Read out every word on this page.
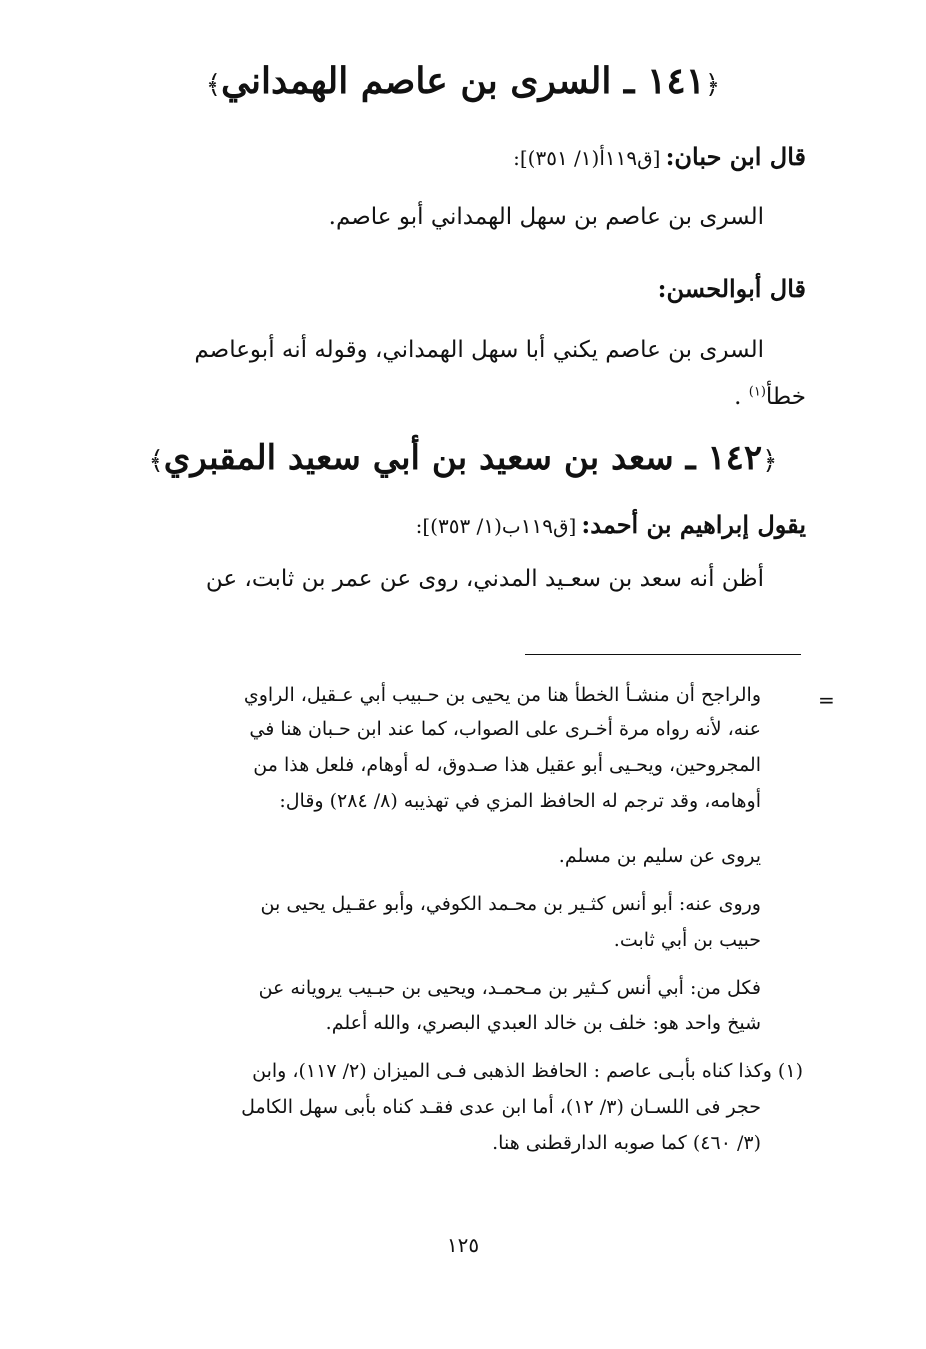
﴿١٤١ ـ السرى بن عاصم الهمداني﴾
قال ابن حبان: [ق١١٩أ(١/ ٣٥١)]:
السرى بن عاصم بن سهل الهمداني أبو عاصم.
قال أبوالحسن:
السرى بن عاصم يكني أبا سهل الهمداني، وقوله أنه أبوعاصم
خطأ$^{(١)}$ .
﴿١٤٢ ـ سعد بن سعيد بن أبي سعيد المقبري﴾
يقول إبراهيم بن أحمد: [ق١١٩ب(١/ ٣٥٣)]:
أظن أنه سعد بن سعـيد المدني، روى عن عمر بن ثابت، عن
=
والراجح أن منشـأ الخطأ هنا من يحيى بن حـبيب أبي عـقيل، الراوي
عنه، لأنه رواه مرة أخـرى على الصواب، كما عند ابن حـبان هنا في
المجروحين، ويحـيى أبو عقيل هذا صـدوق، له أوهام، فلعل هذا من
أوهامه، وقد ترجم له الحافظ المزي في تهذيبه (٨/ ٢٨٤) وقال:
يروى عن سليم بن مسلم.
وروى عنه: أبو أنس كثـير بن محـمد الكوفي، وأبو عقـيل يحيى بن
حبيب بن أبي ثابت.
فكل من: أبي أنس كـثير بن مـحمـد، ويحيى بن حبـيب يرويانه عن
شيخ واحد هو: خلف بن خالد العبدي البصري، والله أعلم.
(١) وكذا كناه بأبـى عاصم : الحافظ الذهبى فـى الميزان (٢/ ١١٧)، وابن
حجر فى اللسـان (٣/ ١٢)، أما ابن عدى فقـد كناه بأبى سهل الكامل
(٣/ ٤٦٠) كما صوبه الدارقطنى هنا.
١٢٥
